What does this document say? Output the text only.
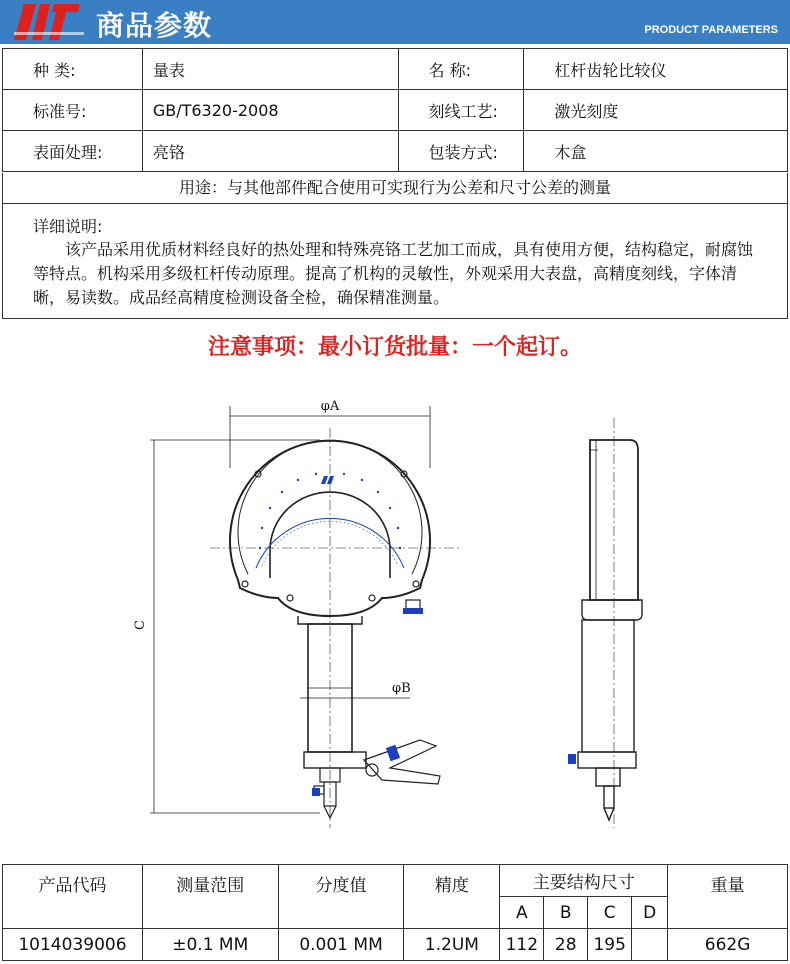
商品参数	PRODUCT PARAMETERS
种 类:	量表	名 称:	杠杆齿轮比较仪
标准号:	GB/T6320-2008	刻线工艺:	激光刻度
表面处理:	亮铬	包装方式:	木盒
用途：与其他部件配合使用可实现行为公差和尺寸公差的测量
详细说明:
该产品采用优质材料经良好的热处理和特殊亮铬工艺加工而成，具有使用方便，结构稳定，耐腐蚀等特点。机构采用多级杠杆传动原理。提高了机构的灵敏性，外观采用大表盘，高精度刻线，字体清晰，易读数。成品经高精度检测设备全检，确保精准测量。
注意事项：最小订货批量：一个起订。
φA
φB
C
产品代码	测量范围	分度值	精度	主要结构尺寸				重量
				A	B	C	D	
1014039006	±0.1 MM	0.001 MM	1.2UM	112	28	195		662G
